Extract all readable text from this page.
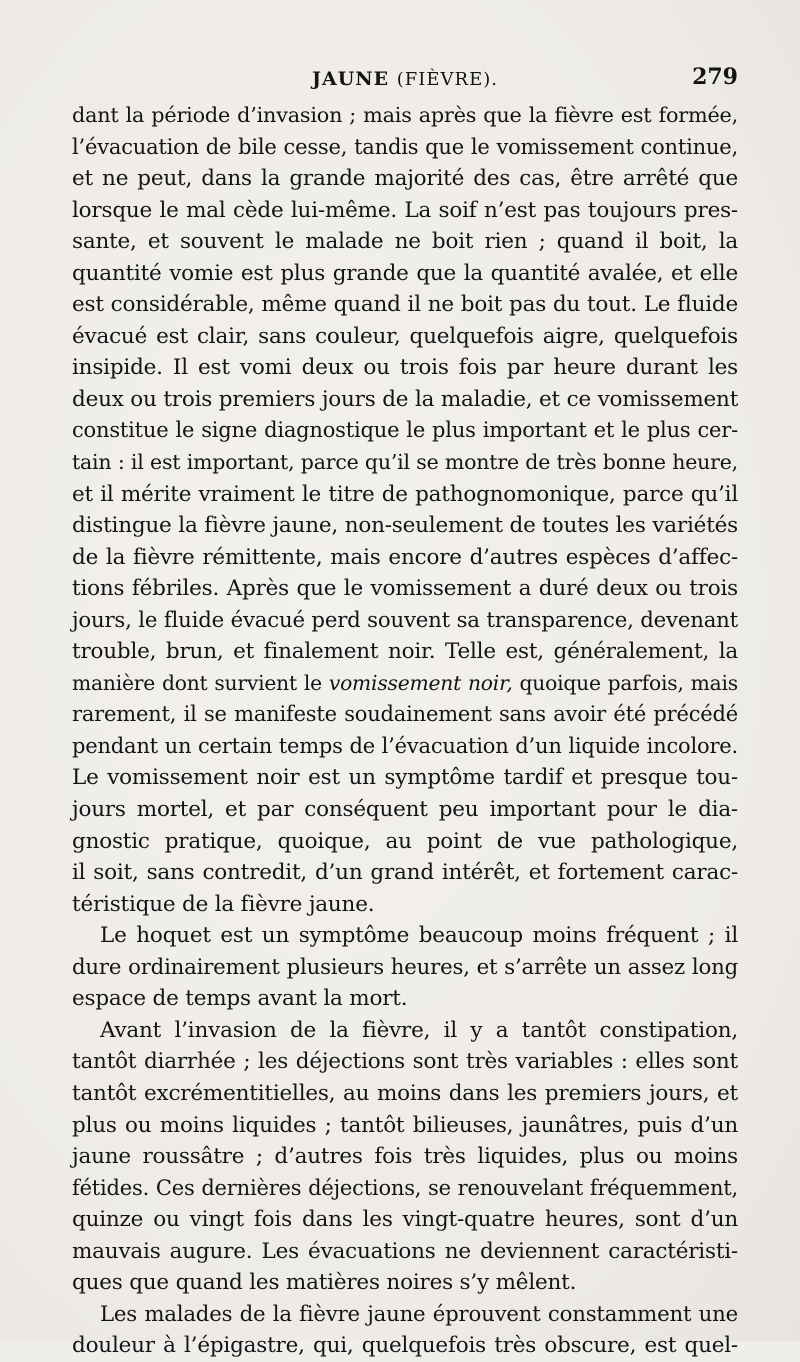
JAUNE (FIÈVRE).	279
dant la période d’invasion ; mais après que la fièvre est formée,
l’évacuation de bile cesse, tandis que le vomissement continue,
et ne peut, dans la grande majorité des cas, être arrêté que
lorsque le mal cède lui-même. La soif n’est pas toujours pres-
sante, et souvent le malade ne boit rien ; quand il boit, la
quantité vomie est plus grande que la quantité avalée, et elle
est considérable, même quand il ne boit pas du tout. Le fluide
évacué est clair, sans couleur, quelquefois aigre, quelquefois
insipide. Il est vomi deux ou trois fois par heure durant les
deux ou trois premiers jours de la maladie, et ce vomissement
constitue le signe diagnostique le plus important et le plus cer-
tain : il est important, parce qu’il se montre de très bonne heure,
et il mérite vraiment le titre de pathognomonique, parce qu’il
distingue la fièvre jaune, non-seulement de toutes les variétés
de la fièvre rémittente, mais encore d’autres espèces d’affec-
tions fébriles. Après que le vomissement a duré deux ou trois
jours, le fluide évacué perd souvent sa transparence, devenant
trouble, brun, et finalement noir. Telle est, généralement, la
manière dont survient le vomissement noir, quoique parfois, mais
rarement, il se manifeste soudainement sans avoir été précédé
pendant un certain temps de l’évacuation d’un liquide incolore.
Le vomissement noir est un symptôme tardif et presque tou-
jours mortel, et par conséquent peu important pour le dia-
gnostic pratique, quoique, au point de vue pathologique,
il soit, sans contredit, d’un grand intérêt, et fortement carac-
téristique de la fièvre jaune.
Le hoquet est un symptôme beaucoup moins fréquent ; il
dure ordinairement plusieurs heures, et s’arrête un assez long
espace de temps avant la mort.
Avant l’invasion de la fièvre, il y a tantôt constipation,
tantôt diarrhée ; les déjections sont très variables : elles sont
tantôt excrémentitielles, au moins dans les premiers jours, et
plus ou moins liquides ; tantôt bilieuses, jaunâtres, puis d’un
jaune roussâtre ; d’autres fois très liquides, plus ou moins
fétides. Ces dernières déjections, se renouvelant fréquemment,
quinze ou vingt fois dans les vingt-quatre heures, sont d’un
mauvais augure. Les évacuations ne deviennent caractéristi-
ques que quand les matières noires s’y mêlent.
Les malades de la fièvre jaune éprouvent constamment une
douleur à l’épigastre, qui, quelquefois très obscure, est quel-
